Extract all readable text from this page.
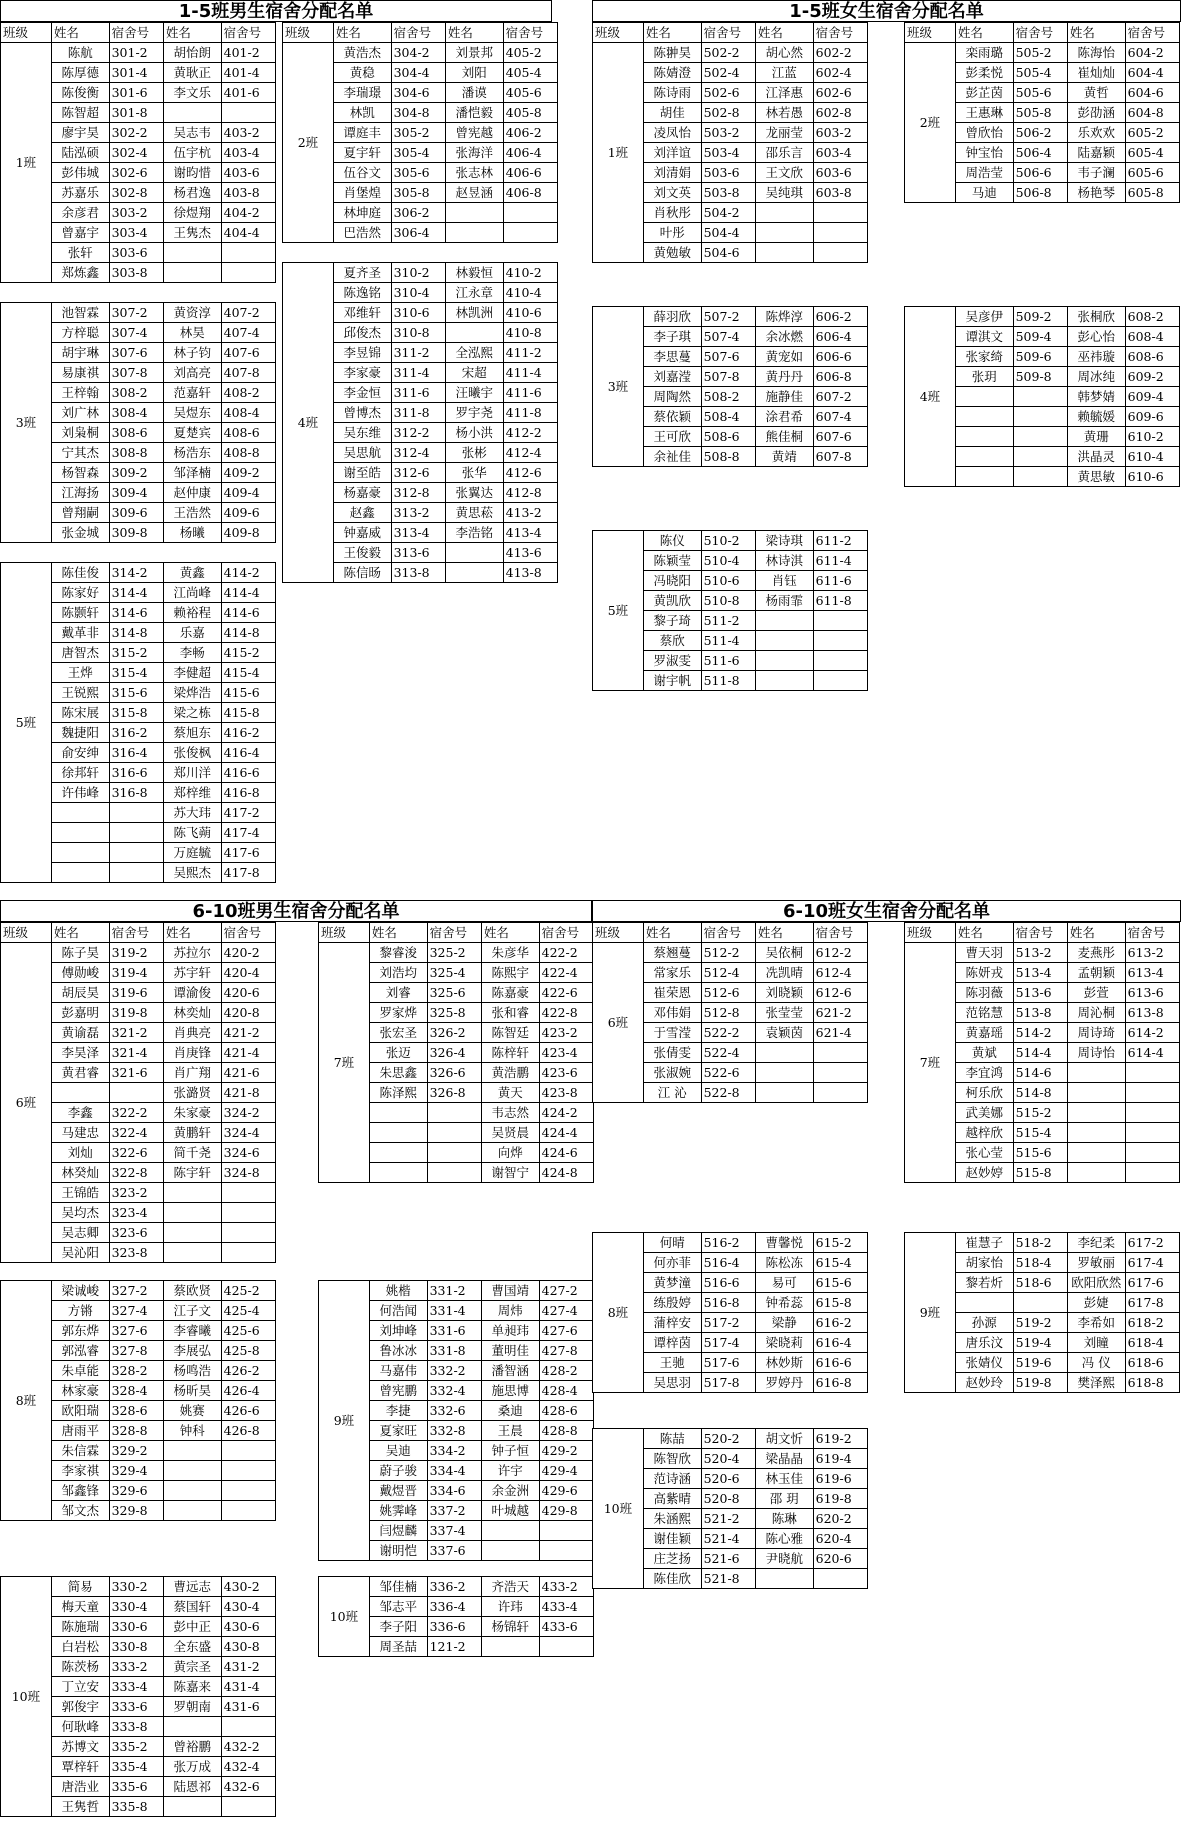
1-5班男生宿舍分配名单
班级	姓名	宿舍号	姓名	宿舍号
1班	陈航	301-2	胡怡朗	401-2
	陈厚德	301-4	黄耿正	401-4
	陈俊衡	301-6	李文乐	401-6
	陈智超	301-8		
	廖宇昊	302-2	吴志韦	403-2
	陆泓硕	302-4	伍宇杭	403-4
	彭伟城	302-6	谢昀惜	403-6
	苏嘉乐	302-8	杨君逸	403-8
	余彦君	303-2	徐煜翔	404-2
	曾嘉宇	303-4	王隽杰	404-4
	张轩	303-6		
	郑炼鑫	303-8		
班级	姓名	宿舍号	姓名	宿舍号
2班	黄浩杰	304-2	刘景邦	405-2
	黄稳	304-4	刘阳	405-4
	李瑞璟	304-6	潘谟	405-6
	林凯	304-8	潘恺毅	405-8
	谭庭丰	305-2	曾宪越	406-2
	夏宇轩	305-4	张海洋	406-4
	伍谷文	305-6	张志林	406-6
	肖堡煌	305-8	赵昱涵	406-8
	林坤庭	306-2		
	巴浩然	306-4		
3班	池智霖	307-2	黄资淳	407-2
	方梓聪	307-4	林昊	407-4
	胡宇琳	307-6	林子钧	407-6
	易康祺	307-8	刘高亮	407-8
	王梓翰	308-2	范嘉轩	408-2
	刘广林	308-4	吴煜东	408-4
	刘枭桐	308-6	夏楚宾	408-6
	宁其杰	308-8	杨浩东	408-8
	杨智森	309-2	邹泽楠	409-2
	江海扬	309-4	赵仲康	409-4
	曾翔嗣	309-6	王浩然	409-6
	张金城	309-8	杨曦	409-8
4班	夏齐圣	310-2	林毅恒	410-2
	陈逸铭	310-4	江永章	410-4
	邓维轩	310-6	林凯洲	410-6
	邱俊杰	310-8		410-8
	李昱锦	311-2	全泓熙	411-2
	李家豪	311-4	宋超	411-4
	李金恒	311-6	汪曦宇	411-6
	曾博杰	311-8	罗宇尧	411-8
	吴东维	312-2	杨小洪	412-2
	吴思航	312-4	张彬	412-4
	谢至皓	312-6	张华	412-6
	杨嘉豪	312-8	张翼达	412-8
	赵鑫	313-2	黄思菘	413-2
	钟嘉威	313-4	李浩铭	413-4
	王俊毅	313-6		413-6
	陈信旸	313-8		413-8
5班	陈佳俊	314-2	黄鑫	414-2
	陈家好	314-4	江尚峰	414-4
	陈颢轩	314-6	赖裕程	414-6
	戴革非	314-8	乐嘉	414-8
	唐智杰	315-2	李畅	415-2
	王烨	315-4	李健超	415-4
	王锐熙	315-6	梁烨浩	415-6
	陈宋展	315-8	梁之栋	415-8
	魏捷阳	316-2	蔡旭东	416-2
	俞安绅	316-4	张俊枫	416-4
	徐邦轩	316-6	郑川洋	416-6
	许伟峰	316-8	郑梓维	416-8
			苏大玮	417-2
			陈飞蒴	417-4
			万庭毓	417-6
			吴熙杰	417-8
1-5班女生宿舍分配名单
班级	姓名	宿舍号	姓名	宿舍号
1班	陈翀昊	502-2	胡心然	602-2
	陈婧澄	502-4	江蓝	602-4
	陈诗雨	502-6	江泽惠	602-6
	胡佳	502-8	林若愚	602-8
	凌凤怡	503-2	龙丽莹	603-2
	刘洋谊	503-4	邵乐言	603-4
	刘清娟	503-6	王文欣	603-6
	刘文英	503-8	吴纯琪	603-8
	肖秋彤	504-2		
	叶彤	504-4		
	黄勉敏	504-6		
班级	姓名	宿舍号	姓名	宿舍号
2班	栾雨璐	505-2	陈海怡	604-2
	彭柔悦	505-4	崔灿灿	604-4
	彭芷茵	505-6	黄哲	604-6
	王惠琳	505-8	彭劭涵	604-8
	曾欣怡	506-2	乐欢欢	605-2
	钟宝怡	506-4	陆嘉颖	605-4
	周浩莹	506-6	韦子澜	605-6
	马迪	506-8	杨艳琴	605-8
3班	薛羽欣	507-2	陈烨淳	606-2
	李子琪	507-4	余冰燃	606-4
	李思蔓	507-6	黄宠如	606-6
	刘嘉滢	507-8	黄丹丹	606-8
	周陶然	508-2	施静佳	607-2
	蔡依颖	508-4	涂君希	607-4
	王可欣	508-6	熊佳桐	607-6
	余祉佳	508-8	黄靖	607-8
4班	吴彦伊	509-2	张桐欣	608-2
	谭淇文	509-4	彭心怡	608-4
	张家绮	509-6	巫祎璇	608-6
	张玥	509-8	周冰纯	609-2
			韩梦婧	609-4
			赖毓媛	609-6
			黄珊	610-2
			洪晶灵	610-4
			黄思敏	610-6
5班	陈仪	510-2	梁诗琪	611-2
	陈颖莹	510-4	林诗淇	611-4
	冯晓阳	510-6	肖钰	611-6
	黄凯欣	510-8	杨雨霏	611-8
	黎子琦	511-2		
	蔡欣	511-4		
	罗淑雯	511-6		
	谢宇帆	511-8		
6-10班男生宿舍分配名单
班级	姓名	宿舍号	姓名	宿舍号
6班	陈子昊	319-2	苏拉尔	420-2
	傅勋峻	319-4	苏宇轩	420-4
	胡辰昊	319-6	谭渝俊	420-6
	彭嘉明	319-8	林奕灿	420-8
	黄谕磊	321-2	肖典亮	421-2
	李昊泽	321-4	肖庚锋	421-4
	黄君睿	321-6	肖广翔	421-6
			张潞贤	421-8
	李鑫	322-2	朱家豪	324-2
	马建忠	322-4	黄鹏轩	324-4
	刘灿	322-6	简千尧	324-6
	林癸灿	322-8	陈宇轩	324-8
	王锦皓	323-2		
	吴均杰	323-4		
	吴志卿	323-6		
	吴沁阳	323-8		
班级	姓名	宿舍号	姓名	宿舍号
7班	黎睿浚	325-2	朱彦华	422-2
	刘浩均	325-4	陈熙宇	422-4
	刘睿	325-6	陈嘉豪	422-6
	罗家烨	325-8	张和睿	422-8
	张宏圣	326-2	陈智廷	423-2
	张迈	326-4	陈梓轩	423-4
	朱思鑫	326-6	黄浩鹏	423-6
	陈泽熙	326-8	黄天	423-8
			韦志然	424-2
			吴贤晨	424-4
			向烨	424-6
			谢智宁	424-8
8班	梁诚峻	327-2	蔡欧贤	425-2
	方锵	327-4	江子文	425-4
	郭东烨	327-6	李睿曦	425-6
	郭泓睿	327-8	李展弘	425-8
	朱卓能	328-2	杨鸣浩	426-2
	林家豪	328-4	杨昕昊	426-4
	欧阳瑞	328-6	姚赛	426-6
	唐雨平	328-8	钟科	426-8
	朱信霖	329-2		
	李家祺	329-4		
	邹鑫锋	329-6		
	邹文杰	329-8		
9班	姚楷	331-2	曹国靖	427-2
	何浩闻	331-4	周炜	427-4
	刘坤峰	331-6	单昶玮	427-6
	鲁冰冰	331-8	董明佳	427-8
	马嘉伟	332-2	潘智涵	428-2
	曾宪鹏	332-4	施思博	428-4
	李捷	332-6	桑迪	428-6
	夏家旺	332-8	王晨	428-8
	吴迪	334-2	钟子恒	429-2
	蔚子骏	334-4	许宇	429-4
	戴煜晋	334-6	余金洲	429-6
	姚霁峰	337-2	叶城越	429-8
	闫煜麟	337-4		
	谢明恺	337-6		
10班	简易	330-2	曹远志	430-2
	梅天童	330-4	蔡国轩	430-4
	陈施瑞	330-6	彭中正	430-6
	白岩松	330-8	全东盛	430-8
	陈茨杨	333-2	黄宗圣	431-2
	丁立安	333-4	陈嘉来	431-4
	郭俊宇	333-6	罗朝南	431-6
	何耿峰	333-8		
	苏博文	335-2	曾裕鹏	432-2
	覃梓轩	335-4	张万成	432-4
	唐浩业	335-6	陆恩祁	432-6
	王隽哲	335-8		
10班	邹佳楠	336-2	齐浩天	433-2
	邹志平	336-4	许玮	433-4
	李子阳	336-6	杨锦轩	433-6
	周圣喆	121-2		
6-10班女生宿舍分配名单
班级	姓名	宿舍号	姓名	宿舍号
6班	蔡翘蔓	512-2	吴依桐	612-2
	常家乐	512-4	冼凯晴	612-4
	崔荣恩	512-6	刘晓颖	612-6
	邓伟娟	512-8	张莹莹	621-2
	于雪滢	522-2	袁颖茵	621-4
	张倩雯	522-4		
	张淑婉	522-6		
	江 沁	522-8		
班级	姓名	宿舍号	姓名	宿舍号
7班	曹天羽	513-2	麦燕彤	613-2
	陈妍戎	513-4	孟朝颖	613-4
	陈羽薇	513-6	彭萱	613-6
	范铭慧	513-8	周沁桐	613-8
	黄嘉瑶	514-2	周诗琦	614-2
	黄斌	514-4	周诗怡	614-4
	李宜鸿	514-6		
	柯乐欣	514-8		
	武美娜	515-2		
	越梓欣	515-4		
	张心莹	515-6		
	赵妙婷	515-8		
8班	何晴	516-2	曹馨悦	615-2
	何亦菲	516-4	陈松冻	615-4
	黄梦潼	516-6	易可	615-6
	练殷婷	516-8	钟希蕊	615-8
	蒲梓安	517-2	梁静	616-2
	谭梓茵	517-4	梁晓莉	616-4
	王驰	517-6	林妙斯	616-6
	吴思羽	517-8	罗婷丹	616-8
9班	崔慧子	518-2	李纪柔	617-2
	胡家怡	518-4	罗敏丽	617-4
	黎若炘	518-6	欧阳欣然	617-6
			彭婕	617-8
	孙源	519-2	李希如	618-2
	唐乐汶	519-4	刘瞳	618-4
	张婧仪	519-6	冯 仪	618-6
	赵妙玲	519-8	樊泽熙	618-8
10班	陈喆	520-2	胡文忻	619-2
	陈智欣	520-4	梁晶晶	619-4
	范诗涵	520-6	林玉佳	619-6
	高紫晴	520-8	邵 玥	619-8
	朱涵熙	521-2	陈琳	620-2
	谢佳颖	521-4	陈心雅	620-4
	庄芝扬	521-6	尹晓航	620-6
	陈佳欣	521-8		
